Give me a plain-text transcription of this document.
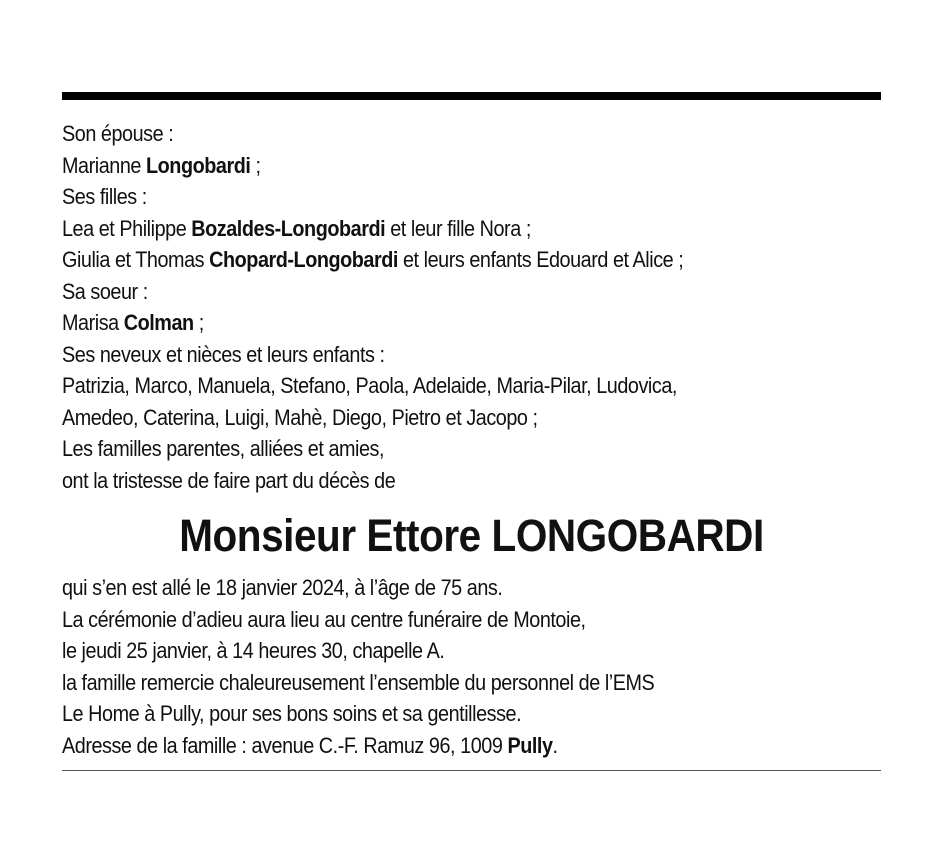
Son épouse :
Marianne Longobardi ;
Ses filles :
Lea et Philippe Bozaldes-Longobardi et leur fille Nora ;
Giulia et Thomas Chopard-Longobardi et leurs enfants Edouard et Alice ;
Sa soeur :
Marisa Colman ;
Ses neveux et nièces et leurs enfants :
Patrizia, Marco, Manuela, Stefano, Paola, Adelaide, Maria-Pilar, Ludovica,
Amedeo, Caterina, Luigi, Mahè, Diego, Pietro et Jacopo ;
Les familles parentes, alliées et amies,
ont la tristesse de faire part du décès de
Monsieur Ettore LONGOBARDI
qui s’en est allé le 18 janvier 2024, à l’âge de 75 ans.
La cérémonie d’adieu aura lieu au centre funéraire de Montoie,
le jeudi 25 janvier, à 14 heures 30, chapelle A.
la famille remercie chaleureusement l’ensemble du personnel de l’EMS
Le Home à Pully, pour ses bons soins et sa gentillesse.
Adresse de la famille : avenue C.-F. Ramuz 96, 1009 Pully.
